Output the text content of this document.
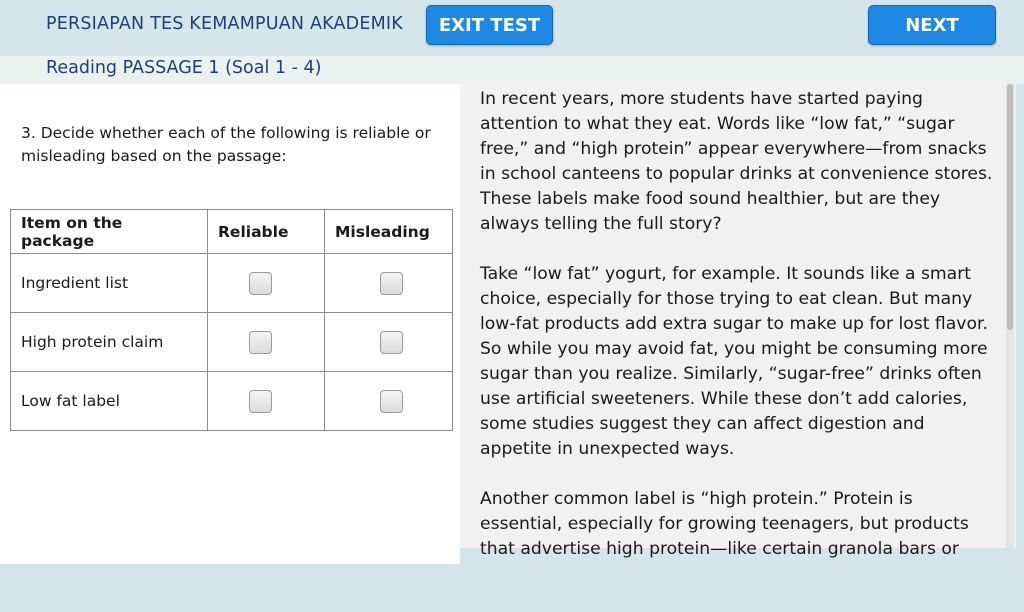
PERSIAPAN TES KEMAMPUAN AKADEMIK	EXIT TEST	NEXT
Reading PASSAGE 1 (Soal 1 - 4)
3. Decide whether each of the following is reliable or misleading based on the passage:
Item on the package	Reliable	Misleading
Ingredient list		
High protein claim		
Low fat label		

In recent years, more students have started paying attention to what they eat. Words like “low fat,” “sugar free,” and “high protein” appear everywhere—from snacks in school canteens to popular drinks at convenience stores. These labels make food sound healthier, but are they always telling the full story?

Take “low fat” yogurt, for example. It sounds like a smart choice, especially for those trying to eat clean. But many low-fat products add extra sugar to make up for lost flavor. So while you may avoid fat, you might be consuming more sugar than you realize. Similarly, “sugar-free” drinks often use artificial sweeteners. While these don’t add calories, some studies suggest they can affect digestion and appetite in unexpected ways.

Another common label is “high protein.” Protein is essential, especially for growing teenagers, but products that advertise high protein—like certain granola bars or
